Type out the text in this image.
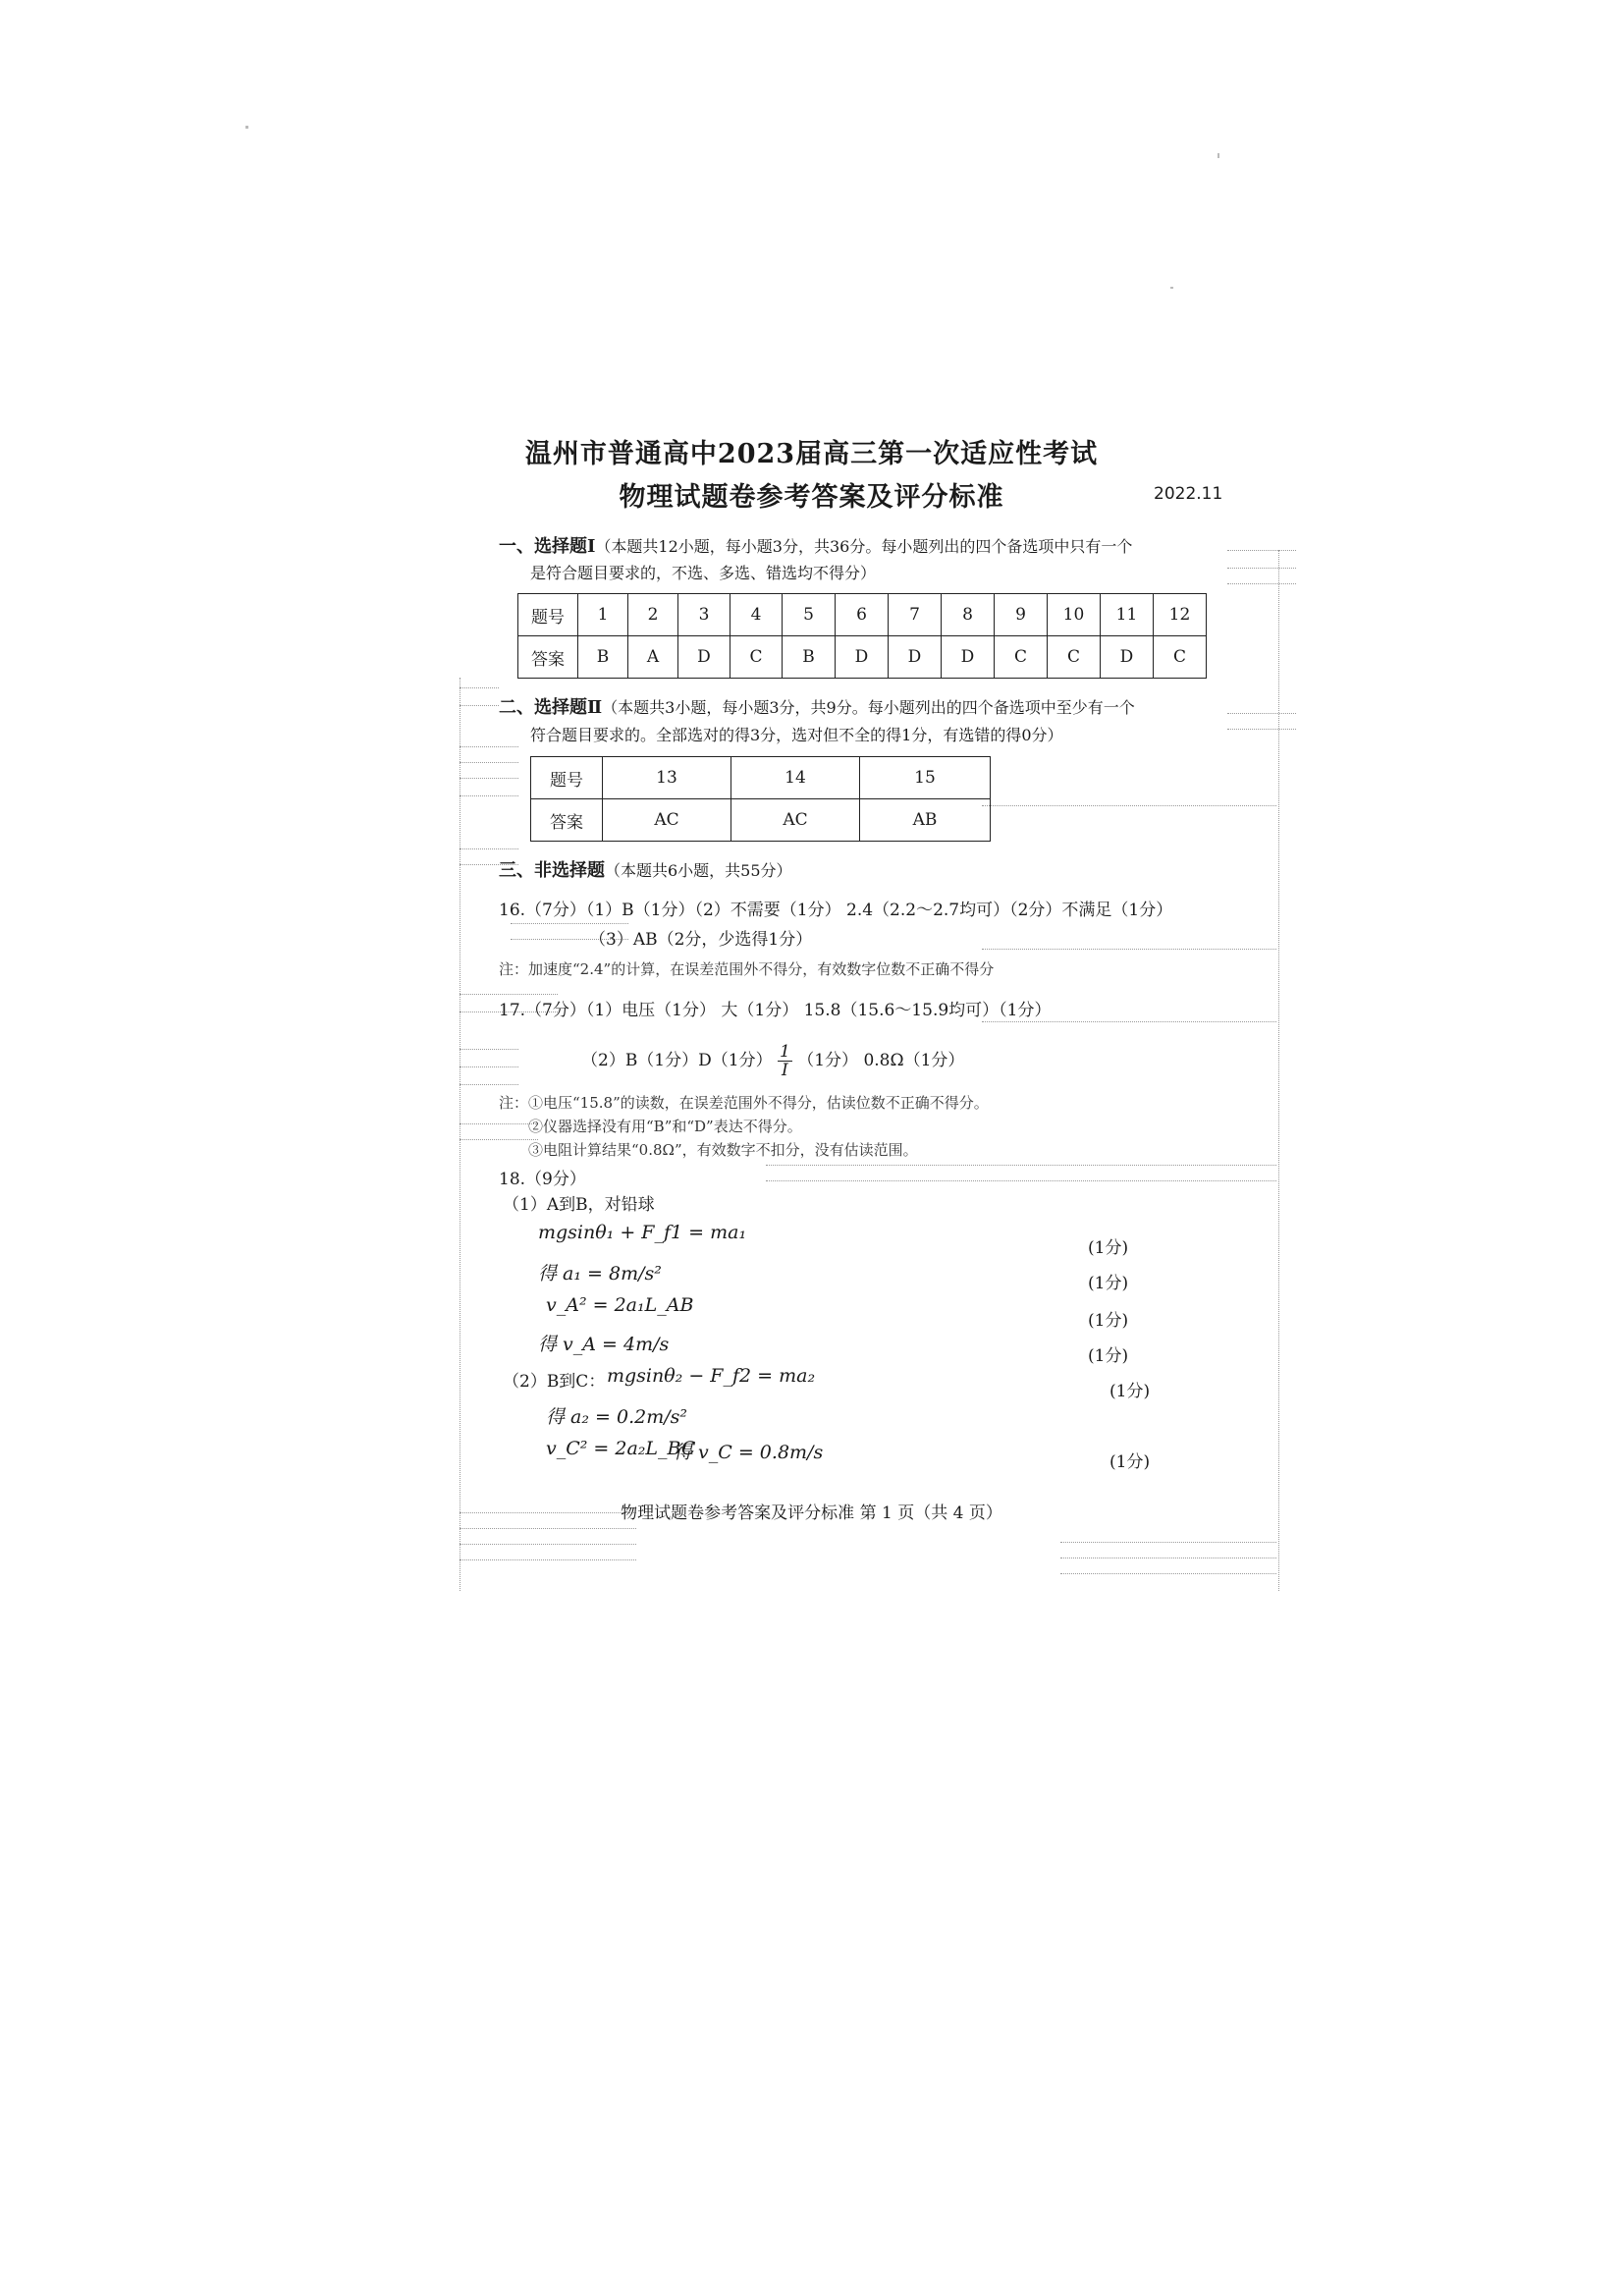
温州市普通高中2023届高三第一次适应性考试
物理试题卷参考答案及评分标准	2022.11
一、选择题Ⅰ（本题共12小题，每小题3分，共36分。每小题列出的四个备选项中只有一个
是符合题目要求的，不选、多选、错选均不得分）
题号	1	2	3	4	5	6	7	8	9	10	11	12
答案	B	A	D	C	B	D	D	D	C	C	D	C
二、选择题Ⅱ（本题共3小题，每小题3分，共9分。每小题列出的四个备选项中至少有一个
符合题目要求的。全部选对的得3分，选对但不全的得1分，有选错的得0分）
题号	13	14	15
答案	AC	AC	AB
三、非选择题（本题共6小题，共55分）
16.（7分）（1）B（1分）（2）不需要（1分） 2.4（2.2～2.7均可）（2分）不满足（1分）
（3）AB（2分，少选得1分）
注：加速度“2.4”的计算，在误差范围外不得分，有效数字位数不正确不得分
17.（7分）（1）电压（1分） 大（1分） 15.8（15.6～15.9均可）（1分）
（2）B（1分）D（1分） $\frac{1}{I} (1$分） 0.8Ω（1分）
注：①电压“15.8”的读数，在误差范围外不得分，估读位数不正确不得分。
②仪器选择没有用“B”和“D”表达不得分。
③电阻计算结果“0.8Ω”，有效数字不扣分，没有估读范围。
18.（9分）
（1）A到B，对铅球
mgsinθ₁ + F_f1 = ma₁
得 a₁ = 8m/s²
v_A² = 2a₁L_AB
得 v_A = 4m/s
（2）B到C： mgsinθ₂ − F_f2 = ma₂
得 a₂ = 0.2m/s²
v_C² = 2a₂L_BC
得 v_C = 0.8m/s
(1分)
(1分)
(1分)
(1分)
(1分)
(1分)
物理试题卷参考答案及评分标准 第 1 页（共 4 页）
